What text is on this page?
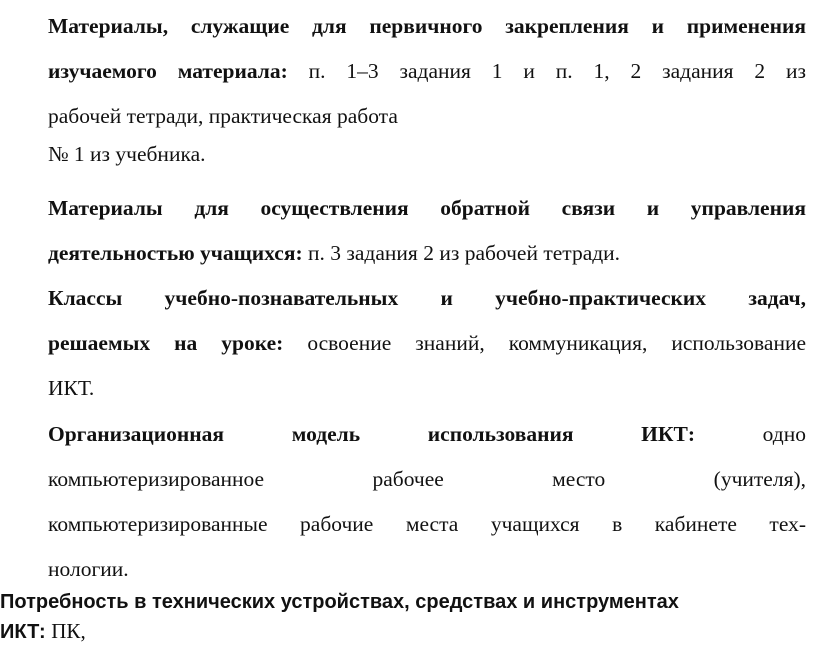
Материалы, служащие для первичного закрепления и применения
изучаемого материала: п. 1–3 задания 1 и п. 1, 2 задания 2 из
рабочей тетради, практическая работа

№ 1 из учебника.

Материалы для осуществления обратной связи и управления
деятельностью учащихся: п. 3 задания 2 из рабочей тетради.

Классы учебно-познавательных и учебно-практических задач,
решаемых на уроке: освоение знаний, коммуникация, использование
ИКТ.

Организационная модель использования ИКТ:	одно
компьютеризированное рабочее место (учителя),
компьютеризированные рабочие места учащихся в кабинете тех-
нологии.

Потребность в технических устройствах, средствах и инструментах
ИКТ: ПК,
